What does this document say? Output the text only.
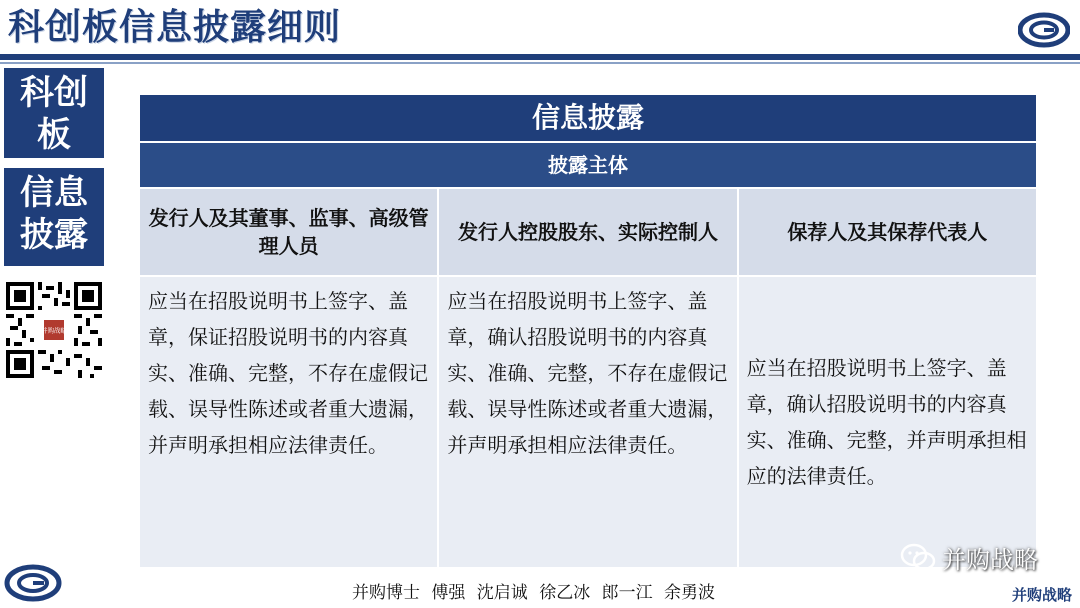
科创板信息披露细则
科创
板
信息
披露
并购战略
信息披露
披露主体
发行人及其董事、监事、高级管理人员
应当在招股说明书上签字、盖章，保证招股说明书的内容真实、准确、完整，不存在虚假记载、误导性陈述或者重大遗漏，并声明承担相应法律责任。
发行人控股股东、实际控制人
应当在招股说明书上签字、盖章，确认招股说明书的内容真实、准确、完整，不存在虚假记载、误导性陈述或者重大遗漏，并声明承担相应法律责任。
保荐人及其保荐代表人
应当在招股说明书上签字、盖章，确认招股说明书的内容真实、准确、完整，并声明承担相应的法律责任。
并购博士 傅强 沈启诚 徐乙冰 郎一江 余勇波
并购战略
并购战略
